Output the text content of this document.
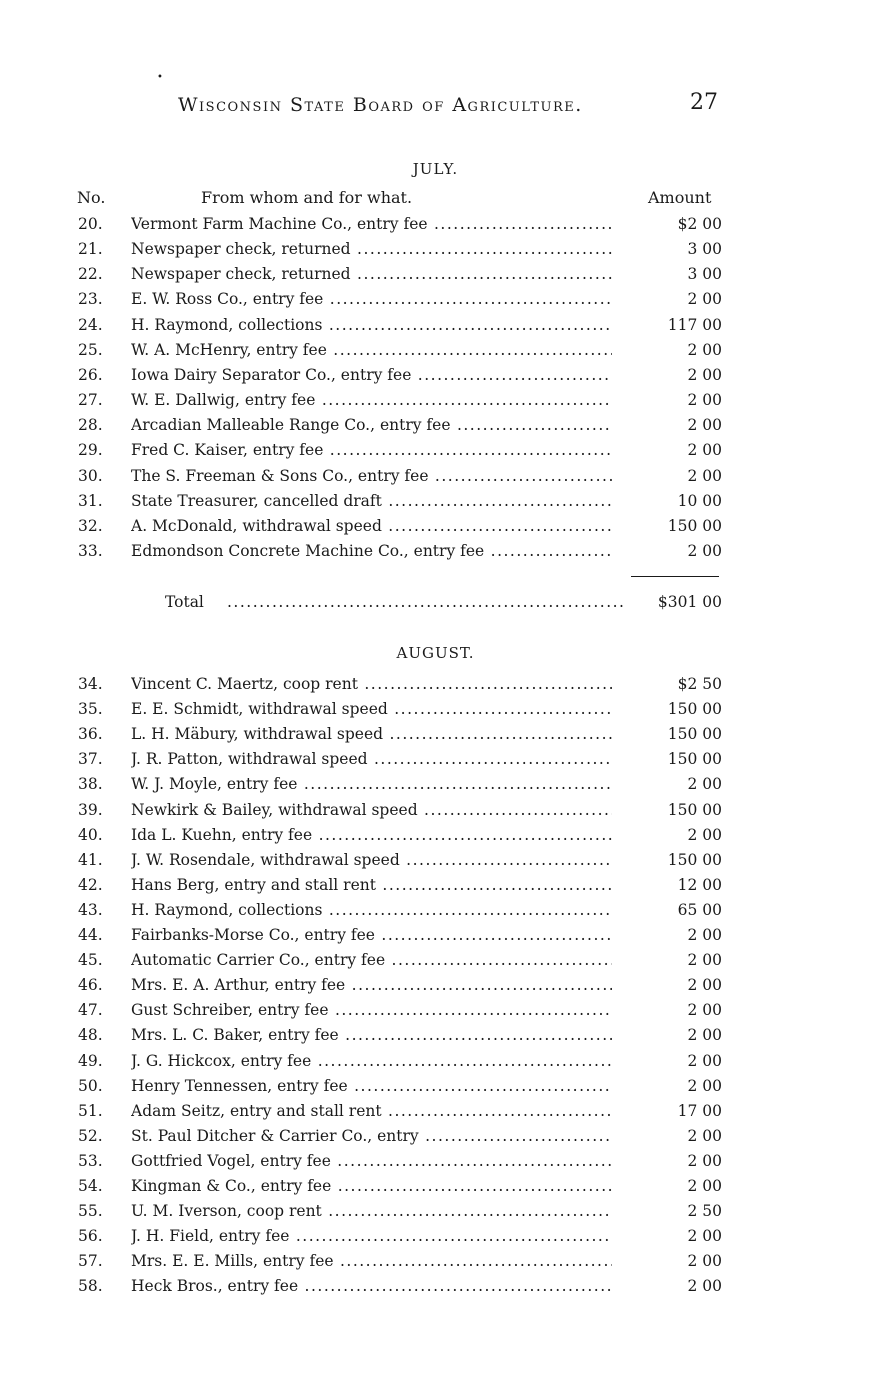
•
Wisconsin State Board of Agriculture.	27
JULY.
No.	From whom and for what.	Amount
20.	Vermont Farm Machine Co., entry fee .....	$2 00
21.	Newspaper check, returned .....	3 00
22.	Newspaper check, returned .....	3 00
23.	E. W. Ross Co., entry fee .....	2 00
24.	H. Raymond, collections .....	117 00
25.	W. A. McHenry, entry fee .....	2 00
26.	Iowa Dairy Separator Co., entry fee .....	2 00
27.	W. E. Dallwig, entry fee .....	2 00
28.	Arcadian Malleable Range Co., entry fee .....	2 00
29.	Fred C. Kaiser, entry fee .....	2 00
30.	The S. Freeman & Sons Co., entry fee .....	2 00
31.	State Treasurer, cancelled draft .....	10 00
32.	A. McDonald, withdrawal speed .....	150 00
33.	Edmondson Concrete Machine Co., entry fee .....	2 00
Total
.....	$301 00
AUGUST.
34.	Vincent C. Maertz, coop rent .....	$2 50
35.	E. E. Schmidt, withdrawal speed .....	150 00
36.	L. H. Mäbury, withdrawal speed .....	150 00
37.	J. R. Patton, withdrawal speed .....	150 00
38.	W. J. Moyle, entry fee .....	2 00
39.	Newkirk & Bailey, withdrawal speed .....	150 00
40.	Ida L. Kuehn, entry fee .....	2 00
41.	J. W. Rosendale, withdrawal speed .....	150 00
42.	Hans Berg, entry and stall rent .....	12 00
43.	H. Raymond, collections .....	65 00
44.	Fairbanks-Morse Co., entry fee .....	2 00
45.	Automatic Carrier Co., entry fee .....	2 00
46.	Mrs. E. A. Arthur, entry fee .....	2 00
47.	Gust Schreiber, entry fee .....	2 00
48.	Mrs. L. C. Baker, entry fee .....	2 00
49.	J. G. Hickcox, entry fee .....	2 00
50.	Henry Tennessen, entry fee .....	2 00
51.	Adam Seitz, entry and stall rent .....	17 00
52.	St. Paul Ditcher & Carrier Co., entry .....	2 00
53.	Gottfried Vogel, entry fee .....	2 00
54.	Kingman & Co., entry fee .....	2 00
55.	U. M. Iverson, coop rent .....	2 50
56.	J. H. Field, entry fee .....	2 00
57.	Mrs. E. E. Mills, entry fee .....	2 00
58.	Heck Bros., entry fee .....	2 00
